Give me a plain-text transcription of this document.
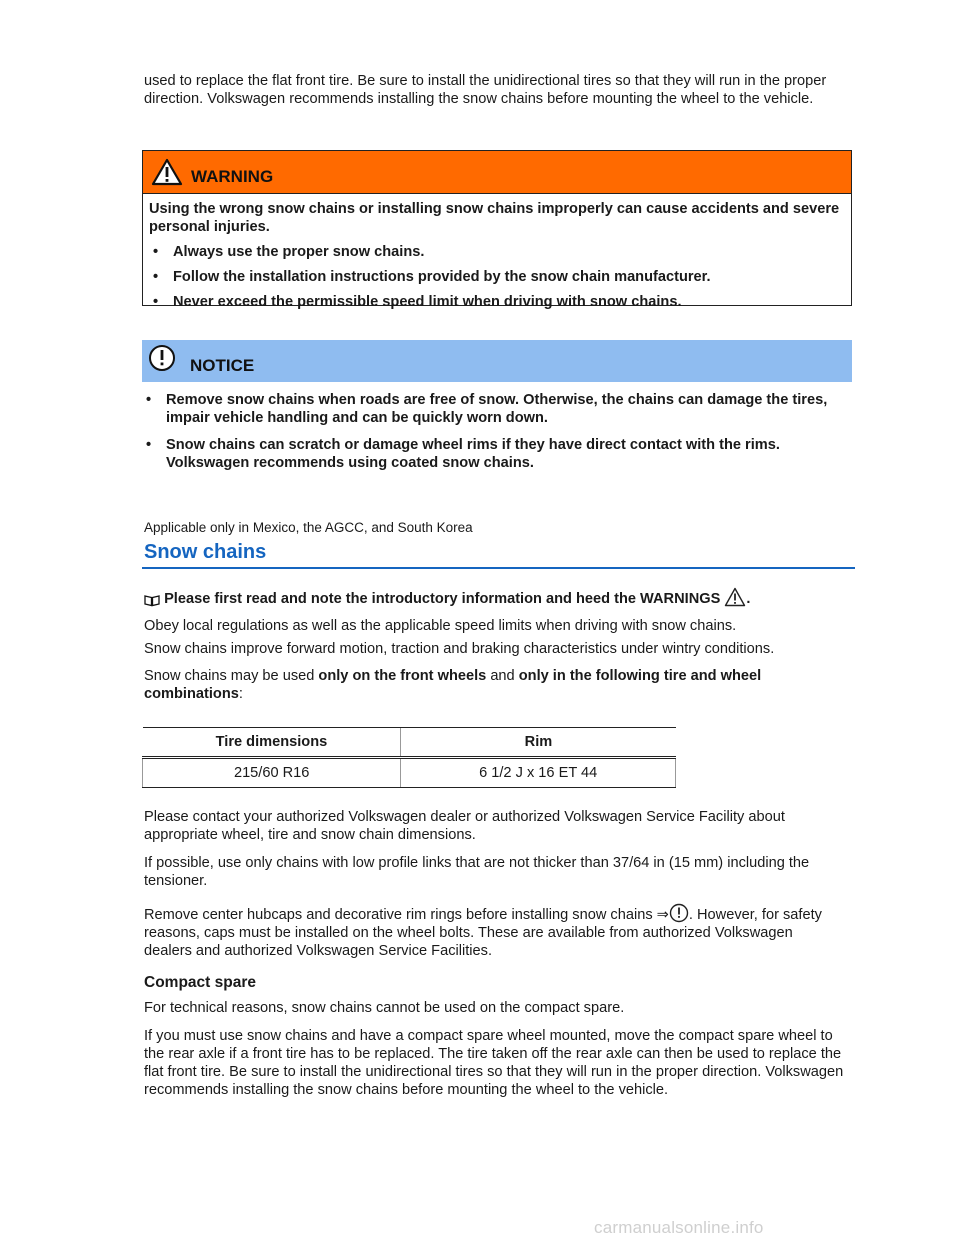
used to replace the flat front tire. Be sure to install the unidirectional tires so that they will run in the proper direction. Volkswagen recommends installing the snow chains before mounting the wheel to the vehicle.

WARNING

Using the wrong snow chains or installing snow chains improperly can cause accidents and severe personal injuries.

• Always use the proper snow chains.
• Follow the installation instructions provided by the snow chain manufacturer.
• Never exceed the permissible speed limit when driving with snow chains.
NOTICE
• Remove snow chains when roads are free of snow. Otherwise, the chains can damage the tires, impair vehicle handling and can be quickly worn down.
• Snow chains can scratch or damage wheel rims if they have direct contact with the rims. Volkswagen recommends using coated snow chains.

Applicable only in Mexico, the AGCC, and South Korea

Snow chains

Please first read and note the introductory information and heed the WARNINGS .

Obey local regulations as well as the applicable speed limits when driving with snow chains.

Snow chains improve forward motion, traction and braking characteristics under wintry conditions.

Snow chains may be used only on the front wheels and only in the following tire and wheel combinations:

Tire dimensions	Rim
215/60 R16	6 1/2 J x 16 ET 44

Please contact your authorized Volkswagen dealer or authorized Volkswagen Service Facility about appropriate wheel, tire and snow chain dimensions.

If possible, use only chains with low profile links that are not thicker than 37/64 in (15 mm) including the tensioner.

Remove center hubcaps and decorative rim rings before installing snow chains ⇒ . However, for safety reasons, caps must be installed on the wheel bolts. These are available from authorized Volkswagen dealers and authorized Volkswagen Service Facilities.

Compact spare

For technical reasons, snow chains cannot be used on the compact spare.

If you must use snow chains and have a compact spare wheel mounted, move the compact spare wheel to the rear axle if a front tire has to be replaced. The tire taken off the rear axle can then be used to replace the flat front tire. Be sure to install the unidirectional tires so that they will run in the proper direction. Volkswagen recommends installing the snow chains before mounting the wheel to the vehicle.

carmanualsonline.info
